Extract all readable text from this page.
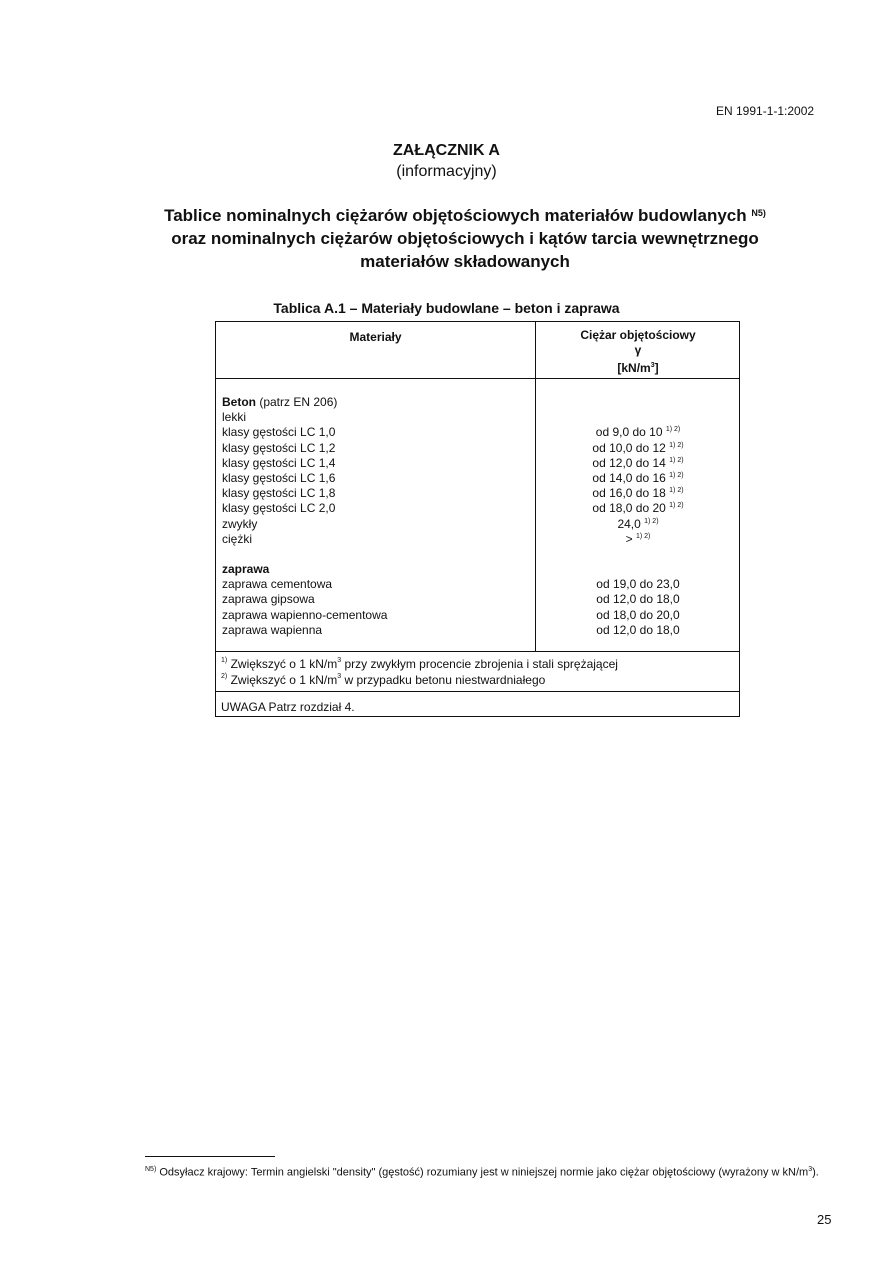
EN 1991-1-1:2002
ZAŁĄCZNIK A
(informacyjny)
Tablice nominalnych ciężarów objętościowych materiałów budowlanych $^{N5)}$
oraz nominalnych ciężarów objętościowych i kątów tarcia wewnętrznego
materiałów składowanych
Tablica A.1 – Materiały budowlane – beton i zaprawa
Materiały	Ciężar objętościowy
γ
$[kN/m^3]$
Beton (patrz EN 206)
lekki
klasy gęstości LC 1,0
klasy gęstości LC 1,2
klasy gęstości LC 1,4
klasy gęstości LC 1,6
klasy gęstości LC 1,8
klasy gęstości LC 2,0
zwykły
ciężki
zaprawa
zaprawa cementowa
zaprawa gipsowa
zaprawa wapienno-cementowa
zaprawa wapienna
od 9,0 do 10 $^{1) 2)}$
od 10,0 do 12 $^{1) 2)}$
od 12,0 do 14 $^{1) 2)}$
od 14,0 do 16 $^{1) 2)}$
od 16,0 do 18 $^{1) 2)}$
od 18,0 do 20 $^{1) 2)}$
24,0 $^{1) 2)}$
> $^{1) 2)}$
od 19,0 do 23,0
od 12,0 do 18,0
od 18,0 do 20,0
od 12,0 do 18,0
$^{1)}$ Zwiększyć o 1 $kN/m^3$ przy zwykłym procencie zbrojenia i stali sprężającej
$^{2)}$ Zwiększyć o 1 $kN/m^3$ w przypadku betonu niestwardniałego
UWAGA Patrz rozdział 4.
$^{N5)}$ Odsyłacz krajowy: Termin angielski "density" (gęstość) rozumiany jest w niniejszej normie jako ciężar objętościowy (wyrażony w $kN/m^3$).
25
